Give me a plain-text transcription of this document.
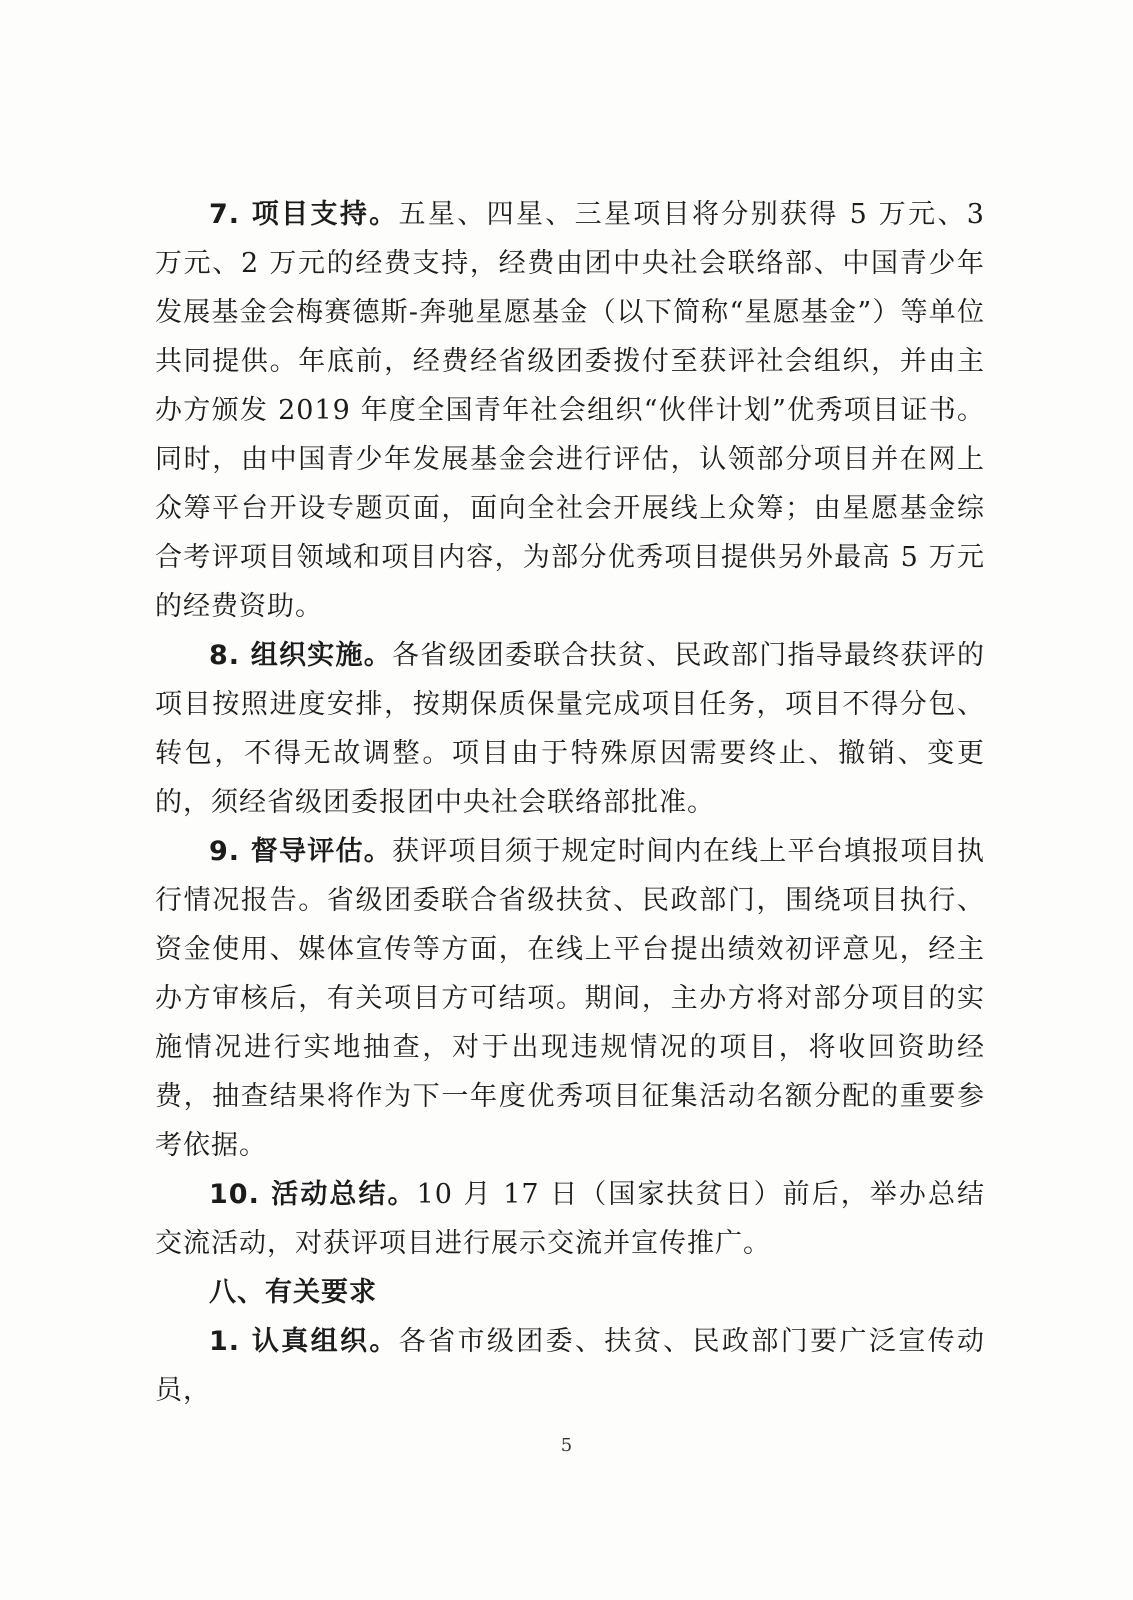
7. 项目支持。五星、四星、三星项目将分别获得 5 万元、3 万元、2 万元的经费支持，经费由团中央社会联络部、中国青少年发展基金会梅赛德斯-奔驰星愿基金（以下简称“星愿基金”）等单位共同提供。年底前，经费经省级团委拨付至获评社会组织，并由主办方颁发 2019 年度全国青年社会组织“伙伴计划”优秀项目证书。同时，由中国青少年发展基金会进行评估，认领部分项目并在网上众筹平台开设专题页面，面向全社会开展线上众筹；由星愿基金综合考评项目领域和项目内容，为部分优秀项目提供另外最高 5 万元的经费资助。

8. 组织实施。各省级团委联合扶贫、民政部门指导最终获评的项目按照进度安排，按期保质保量完成项目任务，项目不得分包、转包，不得无故调整。项目由于特殊原因需要终止、撤销、变更的，须经省级团委报团中央社会联络部批准。

9. 督导评估。获评项目须于规定时间内在线上平台填报项目执行情况报告。省级团委联合省级扶贫、民政部门，围绕项目执行、资金使用、媒体宣传等方面，在线上平台提出绩效初评意见，经主办方审核后，有关项目方可结项。期间，主办方将对部分项目的实施情况进行实地抽查，对于出现违规情况的项目，将收回资助经费，抽查结果将作为下一年度优秀项目征集活动名额分配的重要参考依据。

10. 活动总结。10 月 17 日（国家扶贫日）前后，举办总结交流活动，对获评项目进行展示交流并宣传推广。

八、有关要求

1. 认真组织。各省市级团委、扶贫、民政部门要广泛宣传动员，

5
